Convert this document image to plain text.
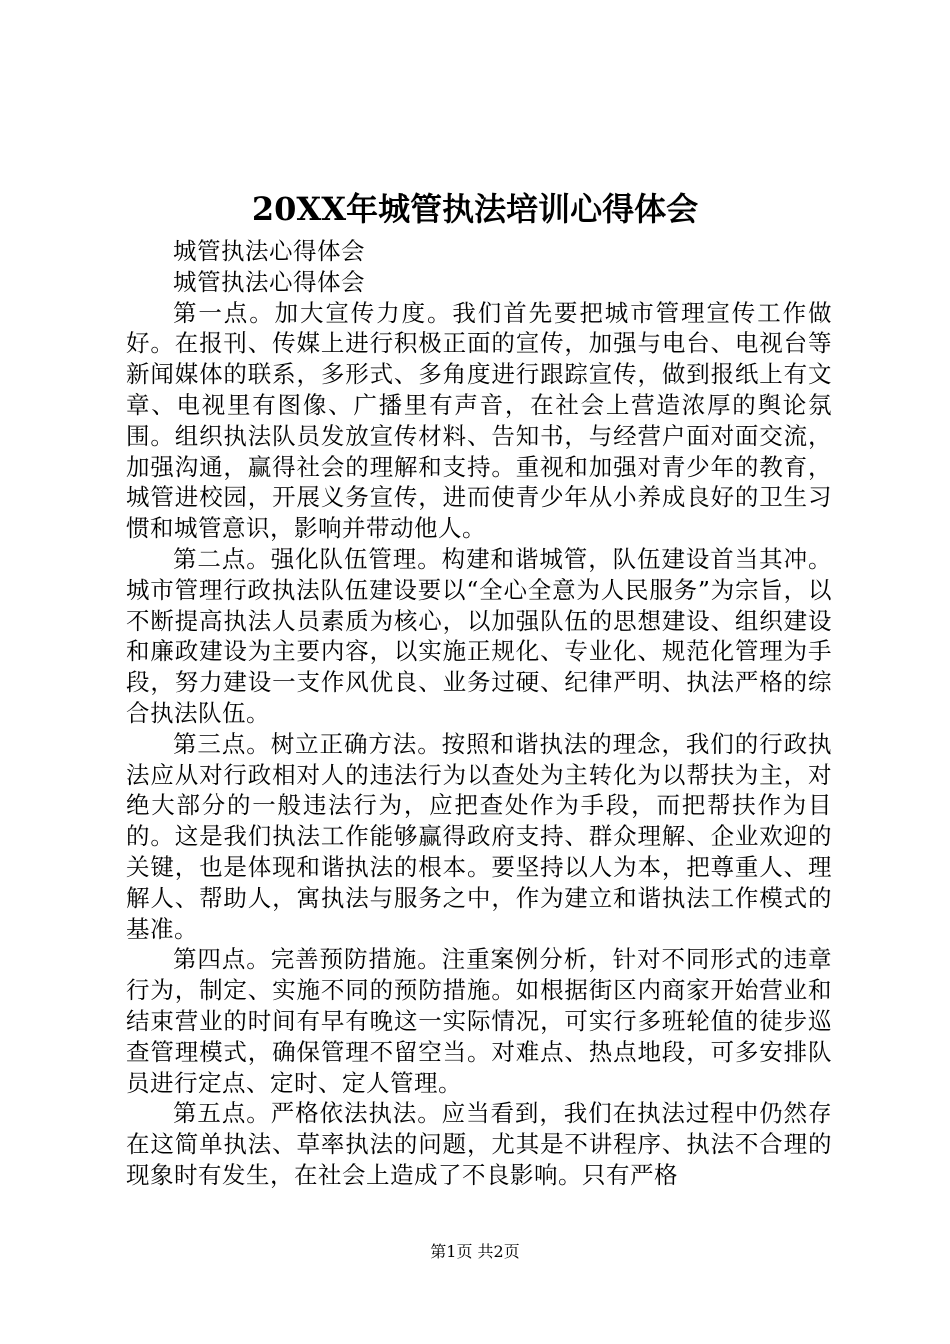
20XX年城管执法培训心得体会

城管执法心得体会

城管执法心得体会

第一点。加大宣传力度。我们首先要把城市管理宣传工作做好。在报刊、传媒上进行积极正面的宣传，加强与电台、电视台等新闻媒体的联系，多形式、多角度进行跟踪宣传，做到报纸上有文章、电视里有图像、广播里有声音，在社会上营造浓厚的舆论氛围。组织执法队员发放宣传材料、告知书，与经营户面对面交流，加强沟通，赢得社会的理解和支持。重视和加强对青少年的教育，城管进校园，开展义务宣传，进而使青少年从小养成良好的卫生习惯和城管意识，影响并带动他人。

第二点。强化队伍管理。构建和谐城管，队伍建设首当其冲。城市管理行政执法队伍建设要以“全心全意为人民服务”为宗旨，以不断提高执法人员素质为核心，以加强队伍的思想建设、组织建设和廉政建设为主要内容，以实施正规化、专业化、规范化管理为手段，努力建设一支作风优良、业务过硬、纪律严明、执法严格的综合执法队伍。

第三点。树立正确方法。按照和谐执法的理念，我们的行政执法应从对行政相对人的违法行为以查处为主转化为以帮扶为主，对绝大部分的一般违法行为，应把查处作为手段，而把帮扶作为目的。这是我们执法工作能够赢得政府支持、群众理解、企业欢迎的关键，也是体现和谐执法的根本。要坚持以人为本，把尊重人、理解人、帮助人，寓执法与服务之中，作为建立和谐执法工作模式的基准。

第四点。完善预防措施。注重案例分析，针对不同形式的违章行为，制定、实施不同的预防措施。如根据街区内商家开始营业和结束营业的时间有早有晚这一实际情况，可实行多班轮值的徒步巡查管理模式，确保管理不留空当。对难点、热点地段，可多安排队员进行定点、定时、定人管理。

第五点。严格依法执法。应当看到，我们在执法过程中仍然存在这简单执法、草率执法的问题，尤其是不讲程序、执法不合理的现象时有发生，在社会上造成了不良影响。只有严格

第1页 共2页
